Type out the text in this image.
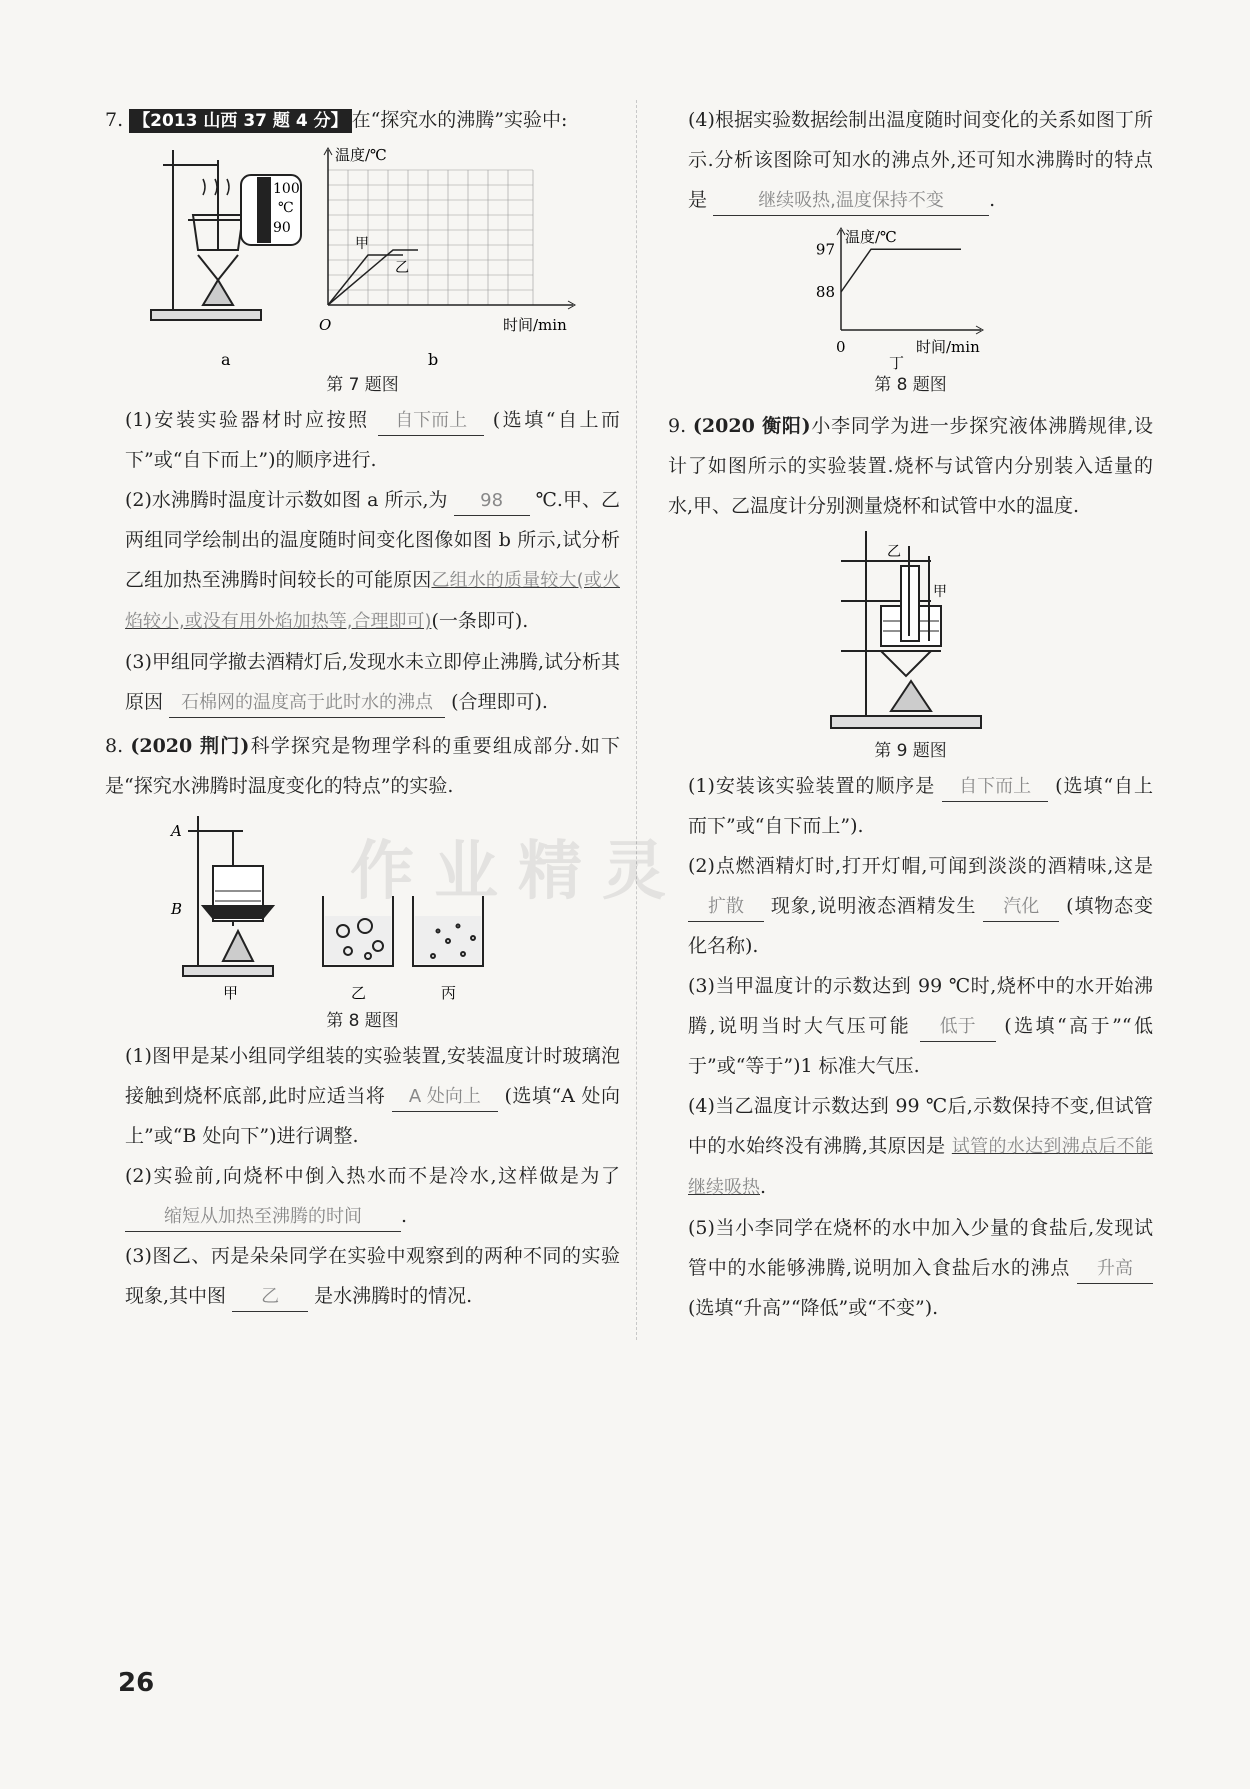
作业精灵

7. 【2013 山西 37 题 4 分】 在“探究水的沸腾”实验中:

100
℃
90
a
温度/℃
时间/min
O
甲
乙
b
第 7 题图

(1)安装实验器材时应按照 自下而上 (选填“自上而下”或“自下而上”)的顺序进行.

(2)水沸腾时温度计示数如图 a 所示,为 98 ℃.甲、乙两组同学绘制出的温度随时间变化图像如图 b 所示,试分析乙组加热至沸腾时间较长的可能原因乙组水的质量较大(或火焰较小,或没有用外焰加热等,合理即可)(一条即可).

(3)甲组同学撤去酒精灯后,发现水未立即停止沸腾,试分析其原因 石棉网的温度高于此时水的沸点 (合理即可).

8. (2020 荆门)科学探究是物理学科的重要组成部分.如下是“探究水沸腾时温度变化的特点”的实验.

A
B
甲	乙	丙
第 8 题图

(1)图甲是某小组同学组装的实验装置,安装温度计时玻璃泡接触到烧杯底部,此时应适当将 A 处向上 (选填“A 处向上”或“B 处向下”)进行调整.

(2)实验前,向烧杯中倒入热水而不是冷水,这样做是为了 缩短从加热至沸腾的时间 .

(3)图乙、丙是朵朵同学在实验中观察到的两种不同的实验现象,其中图 乙 是水沸腾时的情况.

(4)根据实验数据绘制出温度随时间变化的关系如图丁所示.分析该图除可知水的沸点外,还可知水沸腾时的特点是	继续吸热,温度保持不变 .

88
97
温度/℃
0	时间/min
丁
第 8 题图

9. (2020 衡阳)小李同学为进一步探究液体沸腾规律,设计了如图所示的实验装置.烧杯与试管内分别装入适量的水,甲、乙温度计分别测量烧杯和试管中水的温度.

乙
甲
第 9 题图

(1)安装该实验装置的顺序是 自下而上 (选填“自上而下”或“自下而上”).

(2)点燃酒精灯时,打开灯帽,可闻到淡淡的酒精味,这是 扩散 现象,说明液态酒精发生 汽化 (填物态变化名称).

(3)当甲温度计的示数达到 99 ℃时,烧杯中的水开始沸腾,说明当时大气压可能 低于 (选填“高于”“低于”或“等于”)1 标准大气压.

(4)当乙温度计示数达到 99 ℃后,示数保持不变,但试管中的水始终没有沸腾,其原因是 试管的水达到沸点后不能继续吸热.

(5)当小李同学在烧杯的水中加入少量的食盐后,发现试管中的水能够沸腾,说明加入食盐后水的沸点 升高 (选填“升高”“降低”或“不变”).

26
